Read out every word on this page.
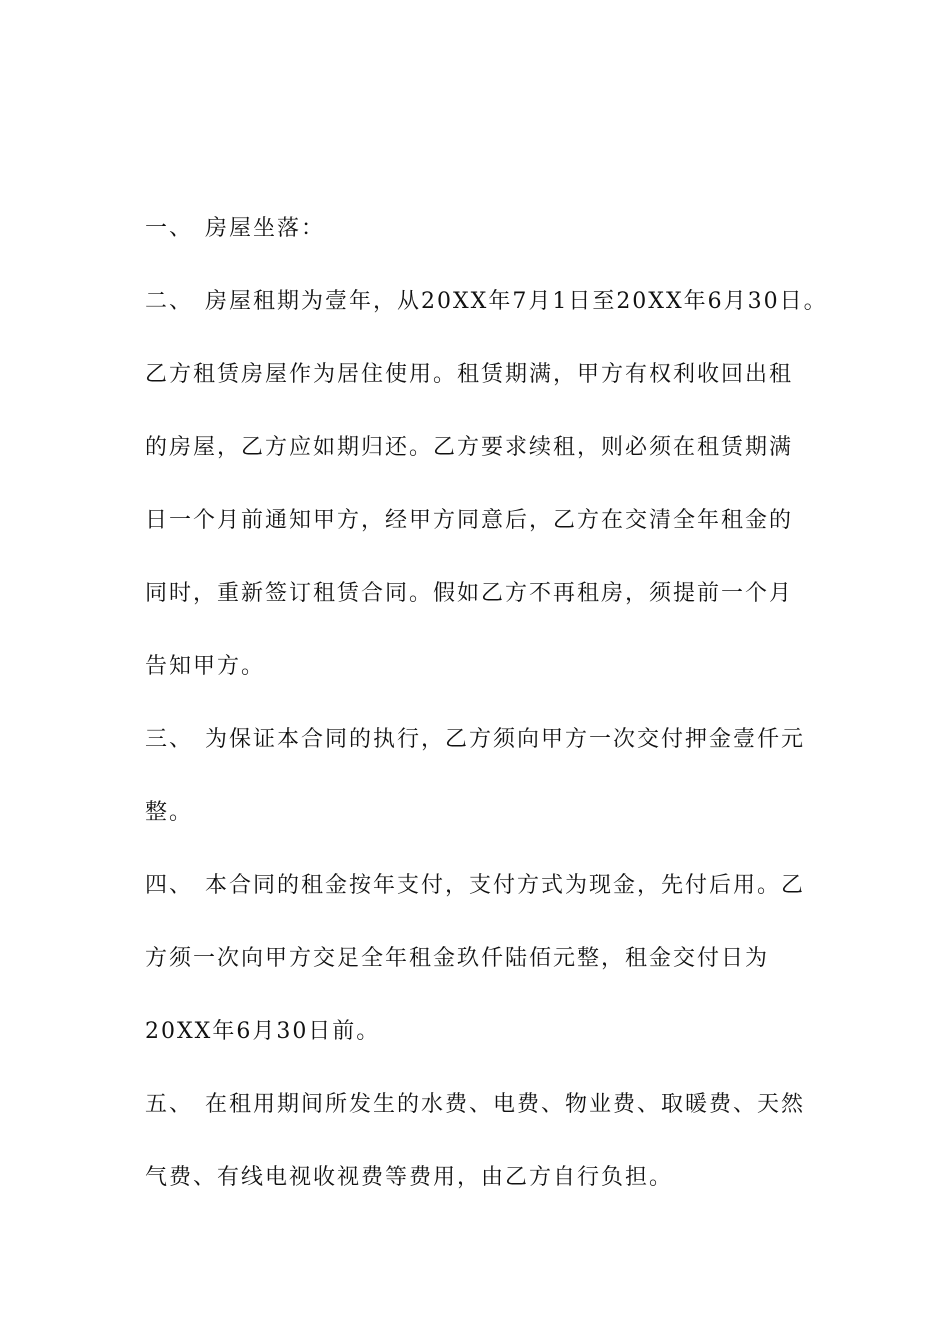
一、 房屋坐落：
二、 房屋租期为壹年，从20XX年7月1日至20XX年6月30日。
乙方租赁房屋作为居住使用。租赁期满，甲方有权利收回出租
的房屋，乙方应如期归还。乙方要求续租，则必须在租赁期满
日一个月前通知甲方，经甲方同意后，乙方在交清全年租金的
同时，重新签订租赁合同。假如乙方不再租房，须提前一个月
告知甲方。
三、 为保证本合同的执行，乙方须向甲方一次交付押金壹仟元
整。
四、 本合同的租金按年支付，支付方式为现金，先付后用。乙
方须一次向甲方交足全年租金玖仟陆佰元整，租金交付日为
20XX年6月30日前。
五、 在租用期间所发生的水费、电费、物业费、取暖费、天然
气费、有线电视收视费等费用，由乙方自行负担。
